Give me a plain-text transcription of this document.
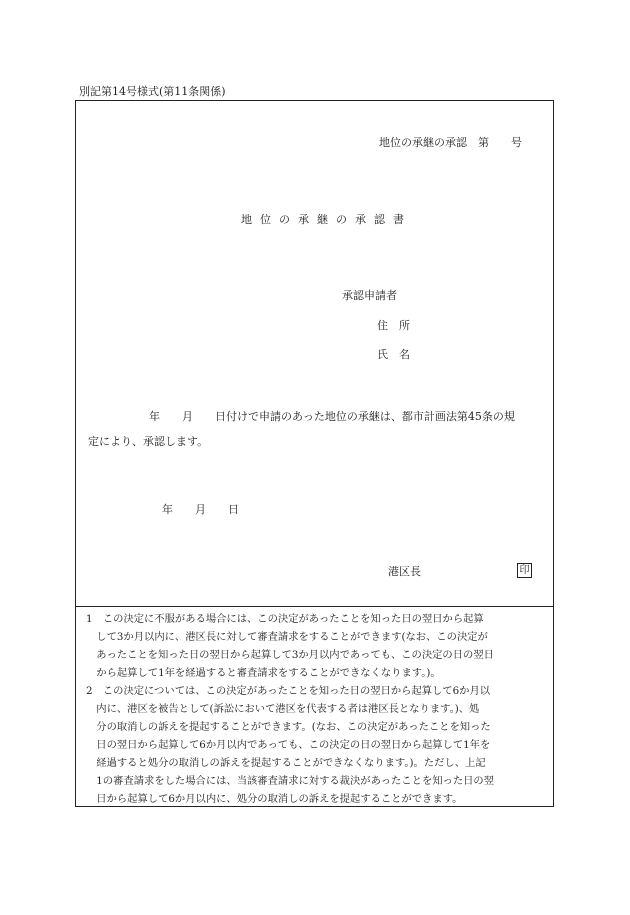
別記第14号様式(第11条関係)
地位の承継の承認　第　　号
地位の承継の承認書
承認申請者
住　所
氏　名
年　　月　　日付けで申請のあった地位の承継は、都市計画法第45条の規
定により、承認します。
年　　月　　日
港区長	印
1　この決定に不服がある場合には、この決定があったことを知った日の翌日から起算
　して3か月以内に、港区長に対して審査請求をすることができます(なお、この決定が
　あったことを知った日の翌日から起算して3か月以内であっても、この決定の日の翌日
　から起算して1年を経過すると審査請求をすることができなくなります。)。
2　この決定については、この決定があったことを知った日の翌日から起算して6か月以
　内に、港区を被告として(訴訟において港区を代表する者は港区長となります。)、処
　分の取消しの訴えを提起することができます。(なお、この決定があったことを知った
　日の翌日から起算して6か月以内であっても、この決定の日の翌日から起算して1年を
　経過すると処分の取消しの訴えを提起することができなくなります。)。ただし、上記
　1の審査請求をした場合には、当該審査請求に対する裁決があったことを知った日の翌
　日から起算して6か月以内に、処分の取消しの訴えを提起することができます。
